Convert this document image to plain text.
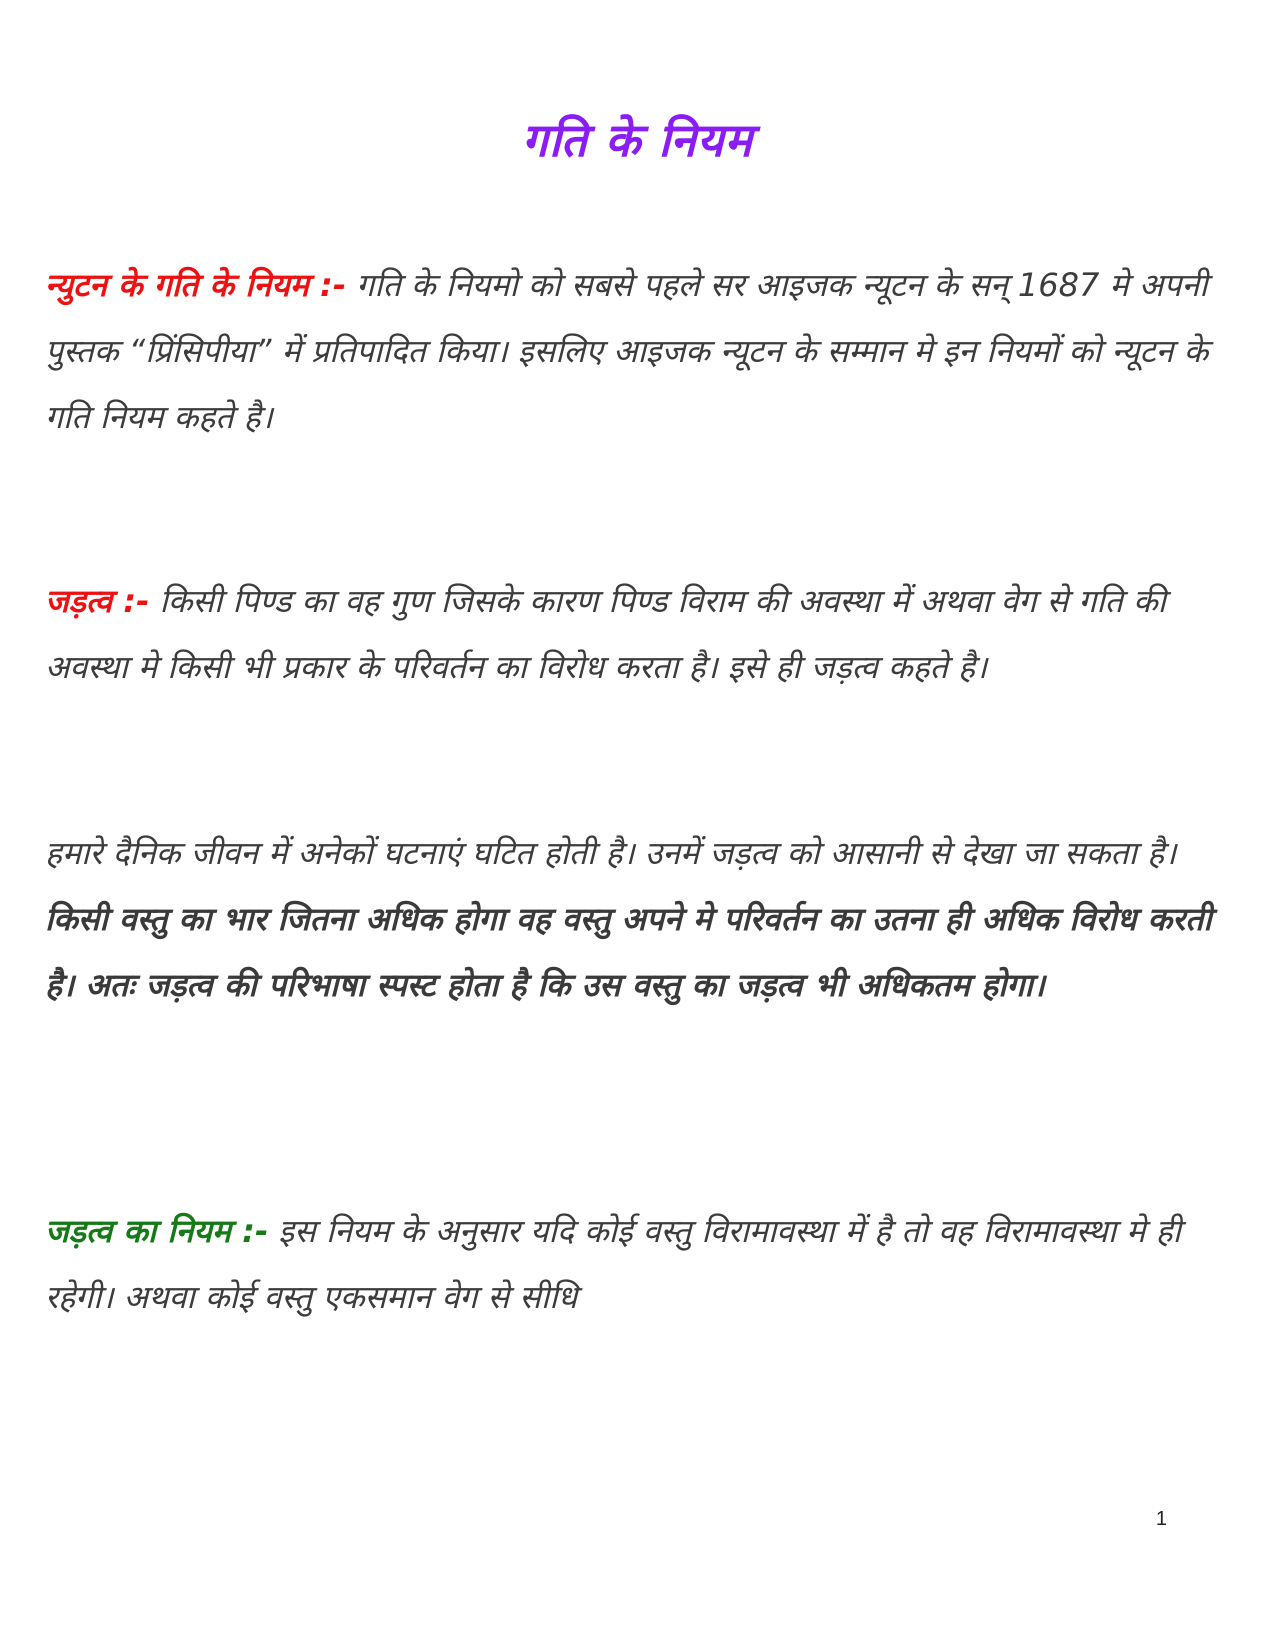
गति के नियम
न्युटन के गति के नियम :- गति के नियमो को सबसे पहले सर आइजक न्यूटन के सन् 1687 मे अपनी पुस्तक “प्रिंसिपीया” में प्रतिपादित किया। इसलिए आइजक न्यूटन के सम्मान मे इन नियमों को न्यूटन के गति नियम कहते है।
जड़त्व :- किसी पिण्ड का वह गुण जिसके कारण पिण्ड विराम की अवस्था में अथवा वेग से गति की अवस्था मे किसी भी प्रकार के परिवर्तन का विरोध करता है। इसे ही जड़त्व कहते है।
हमारे दैनिक जीवन में अनेकों घटनाएं घटित होती है। उनमें जड़त्व को आसानी से देखा जा सकता है। किसी वस्तु का भार जितना अधिक होगा वह वस्तु अपने मे परिवर्तन का उतना ही अधिक विरोध करती है। अतः जड़त्व की परिभाषा स्पस्ट होता है कि उस वस्तु का जड़त्व भी अधिकतम होगा।
जड़त्व का नियम :- इस नियम के अनुसार यदि कोई वस्तु विरामावस्था में है तो वह विरामावस्था मे ही रहेगी। अथवा कोई वस्तु एकसमान वेग से सीधि
1
